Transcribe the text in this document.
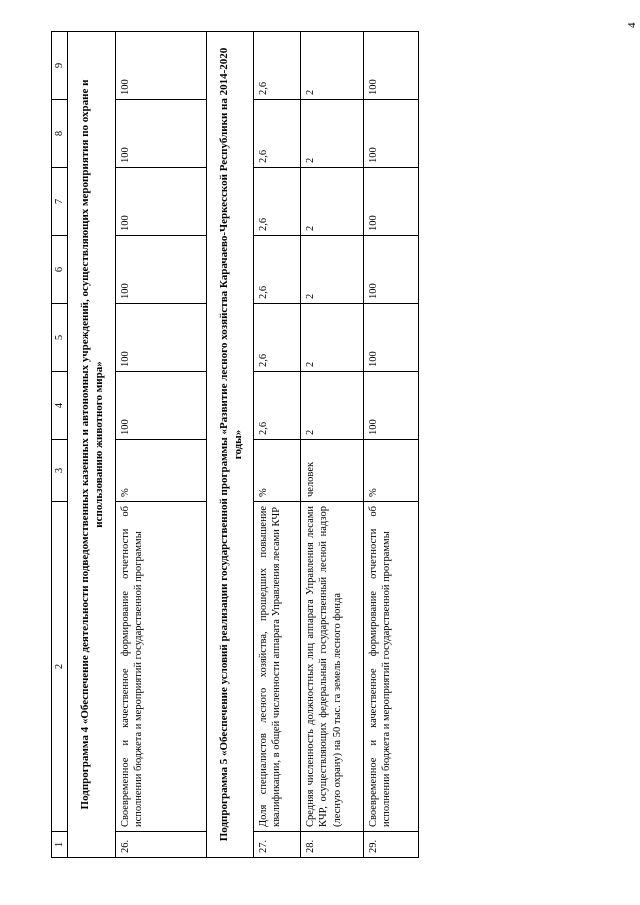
4
1	2	3	4	5	6	7	8	9
Подпрограмма 4 «Обеспечение деятельности подведомственных казенных и автономных учреждений, осуществляющих мероприятия по охране и использованию животного мира»								
26.	Своевременное и качественное формирование отчетности об исполнении бюджета и мероприятий государственной программы	%	100	100	100	100	100	100
Подпрограмма 5 «Обеспечение условий реализации государственной программы «Развитие лесного хозяйства Карачаево-Черкесской Республики на 2014-2020 годы»								
27.	Доля специалистов лесного хозяйства, прошедших повышение квалификации, в общей численности аппарата Управления лесами КЧР	%	2,6	2,6	2,6	2,6	2,6	2,6
28.	Средняя численность должностных лиц аппарата Управления лесами КЧР, осуществляющих федеральный государственный лесной надзор (лесную охрану) на 50 тыс. га земель лесного фонда	человек	2	2	2	2	2	2
29.	Своевременное и качественное формирование отчетности об исполнении бюджета и мероприятий государственной программы	%	100	100	100	100	100	100
